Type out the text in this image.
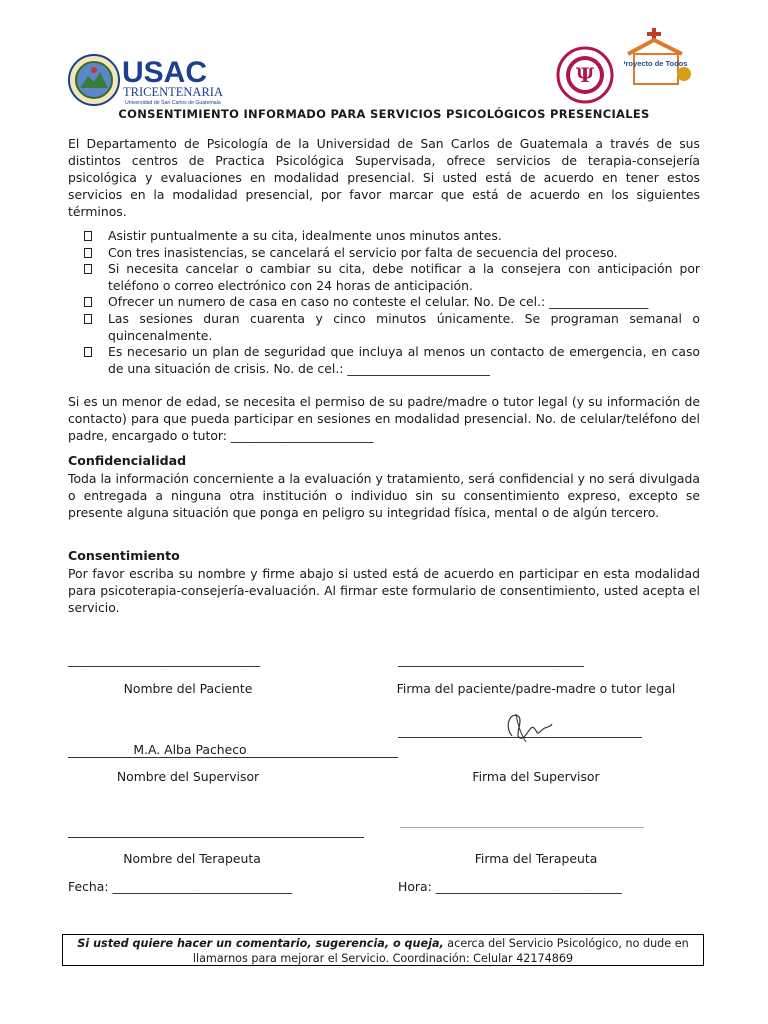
USAC
TRICENTENARIA
Universidad de San Carlos de Guatemala
Ψ	Proyecto de Todos
CONSENTIMIENTO INFORMADO PARA SERVICIOS PSICOLÓGICOS PRESENCIALES
El Departamento de Psicología de la Universidad de San Carlos de Guatemala a través de sus distintos centros de Practica Psicológica Supervisada, ofrece servicios de terapia-consejería psicológica y evaluaciones en modalidad presencial. Si usted está de acuerdo en tener estos servicios en la modalidad presencial, por favor marcar que está de acuerdo en los siguientes términos.
Asistir puntualmente a su cita, idealmente unos minutos antes.
Con tres inasistencias, se cancelará el servicio por falta de secuencia del proceso.
Si necesita cancelar o cambiar su cita, debe notificar a la consejera con anticipación por teléfono o correo electrónico con 24 horas de anticipación.
Ofrecer un numero de casa en caso no conteste el celular. No. De cel.: ________________
Las sesiones duran cuarenta y cinco minutos únicamente. Se programan semanal o quincenalmente.
Es necesario un plan de seguridad que incluya al menos un contacto de emergencia, en caso de una situación de crisis. No. de cel.: _______________________
Si es un menor de edad, se necesita el permiso de su padre/madre o tutor legal (y su información de contacto) para que pueda participar en sesiones en modalidad presencial. No. de celular/teléfono del padre, encargado o tutor: _______________________
Confidencialidad
Toda la información concerniente a la evaluación y tratamiento, será confidencial y no será divulgada o entregada a ninguna otra institución o individuo sin su consentimiento expreso, excepto se presente alguna situación que ponga en peligro su integridad física, mental o de algún tercero.
Consentimiento
Por favor escriba su nombre y firme abajo si usted está de acuerdo en participar en esta modalidad para psicoterapia-consejería-evaluación. Al firmar este formulario de consentimiento, usted acepta el servicio.
_______________________________	______________________________
Nombre del Paciente	Firma del paciente/padre-madre o tutor legal
M.A. Alba Pacheco
Nombre del Supervisor	Firma del Supervisor
Nombre del Terapeuta	Firma del Terapeuta
Fecha: _____________________________	Hora: ______________________________
Si usted quiere hacer un comentario, sugerencia, o queja, acerca del Servicio Psicológico, no dude en llamarnos para mejorar el Servicio. Coordinación: Celular 42174869
